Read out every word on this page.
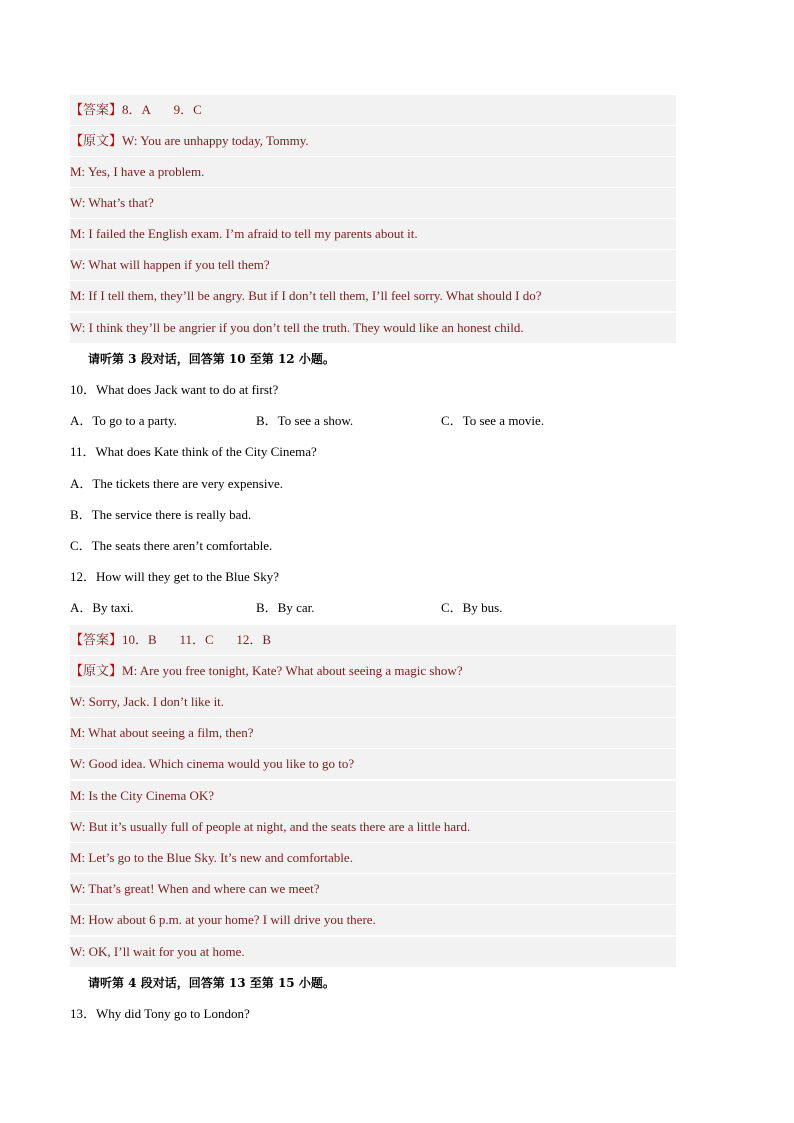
【答案】8．A       9．C
【原文】W: You are unhappy today, Tommy.
M: Yes, I have a problem.
W: What’s that?
M: I failed the English exam. I’m afraid to tell my parents about it.
W: What will happen if you tell them?
M: If I tell them, they’ll be angry. But if I don’t tell them, I’ll feel sorry. What should I do?
W: I think they’ll be angrier if you don’t tell the truth. They would like an honest child.
请听第 3 段对话，回答第 10 至第 12 小题。
10．What does Jack want to do at first?
A．To go to a party.	B．To see a show.	C．To see a movie.
11．What does Kate think of the City Cinema?
A．The tickets there are very expensive.
B．The service there is really bad.
C．The seats there aren’t comfortable.
12．How will they get to the Blue Sky?
A．By taxi.	B．By car.	C．By bus.
【答案】10．B       11．C       12．B
【原文】M: Are you free tonight, Kate? What about seeing a magic show?
W: Sorry, Jack. I don’t like it.
M: What about seeing a film, then?
W: Good idea. Which cinema would you like to go to?
M: Is the City Cinema OK?
W: But it’s usually full of people at night, and the seats there are a little hard.
M: Let’s go to the Blue Sky. It’s new and comfortable.
W: That’s great! When and where can we meet?
M: How about 6 p.m. at your home? I will drive you there.
W: OK, I’ll wait for you at home.
请听第 4 段对话，回答第 13 至第 15 小题。
13．Why did Tony go to London?
